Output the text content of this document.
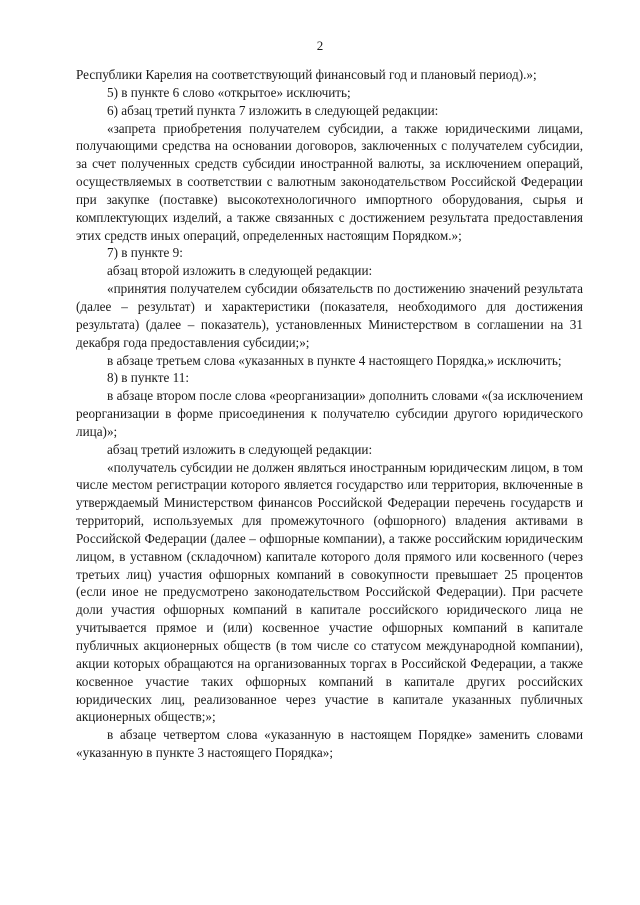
2

Республики Карелия на соответствующий финансовый год и плановый период).»;

5) в пункте 6 слово «открытое» исключить;

6) абзац третий пункта 7 изложить в следующей редакции:

«запрета приобретения получателем субсидии, а также юридическими лицами, получающими средства на основании договоров, заключенных с получателем субсидии, за счет полученных средств субсидии иностранной валюты, за исключением операций, осуществляемых в соответствии с валютным законодательством Российской Федерации при закупке (поставке) высокотехнологичного импортного оборудования, сырья и комплектующих изделий, а также связанных с достижением результата предоставления этих средств иных операций, определенных настоящим Порядком.»;

7) в пункте 9:

абзац второй изложить в следующей редакции:

«принятия получателем субсидии обязательств по достижению значений результата (далее – результат) и характеристики (показателя, необходимого для достижения результата) (далее – показатель), установленных Министерством в соглашении на 31 декабря года предоставления субсидии;»;

в абзаце третьем слова «указанных в пункте 4 настоящего Порядка,» исключить;

8) в пункте 11:

в абзаце втором после слова «реорганизации» дополнить словами «(за исключением реорганизации в форме присоединения к получателю субсидии другого юридического лица)»;

абзац третий изложить в следующей редакции:

«получатель субсидии не должен являться иностранным юридическим лицом, в том числе местом регистрации которого является государство или территория, включенные в утверждаемый Министерством финансов Российской Федерации перечень государств и территорий, используемых для промежуточного (офшорного) владения активами в Российской Федерации (далее – офшорные компании), а также российским юридическим лицом, в уставном (складочном) капитале которого доля прямого или косвенного (через третьих лиц) участия офшорных компаний в совокупности превышает 25 процентов (если иное не предусмотрено законодательством Российской Федерации). При расчете доли участия офшорных компаний в капитале российского юридического лица не учитывается прямое и (или) косвенное участие офшорных компаний в капитале публичных акционерных обществ (в том числе со статусом международной компании), акции которых обращаются на организованных торгах в Российской Федерации, а также косвенное участие таких офшорных компаний в капитале других российских юридических лиц, реализованное через участие в капитале указанных публичных акционерных обществ;»;

в абзаце четвертом слова «указанную в настоящем Порядке» заменить словами «указанную в пункте 3 настоящего Порядка»;
